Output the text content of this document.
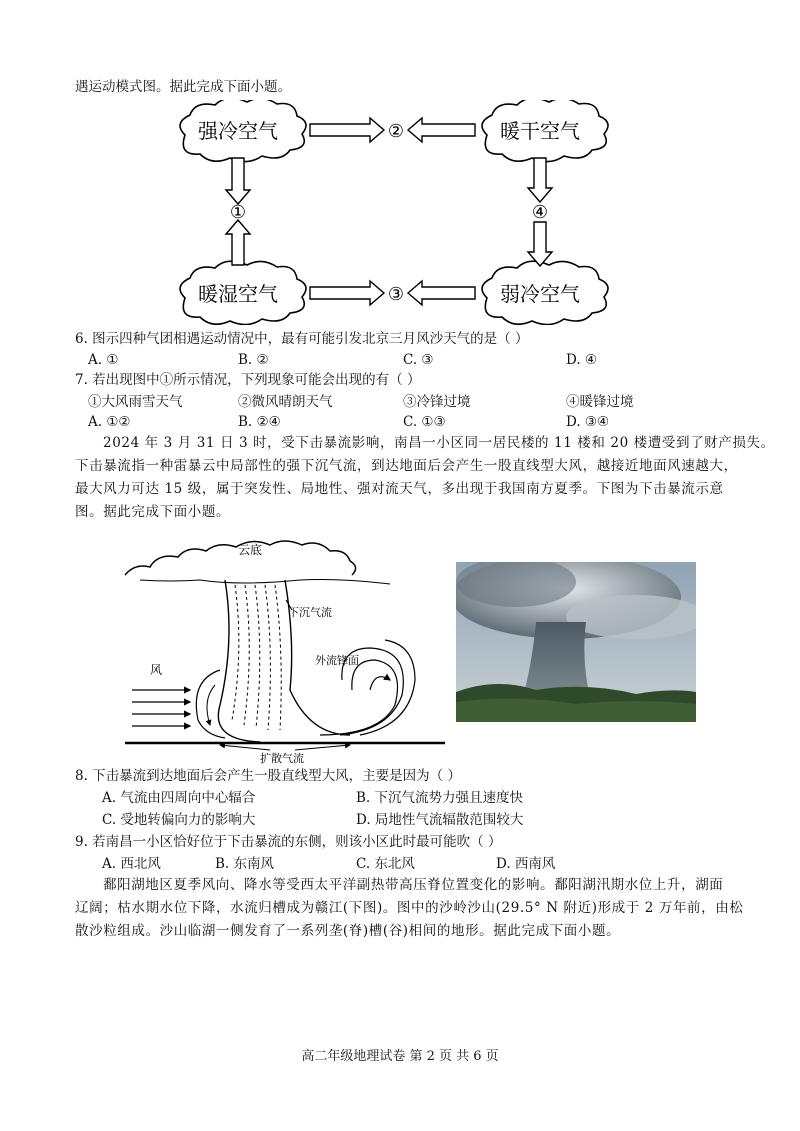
遇运动模式图。据此完成下面小题。
强冷空气	暖干空气
暖湿空气	弱冷空气
②
③
①	④
6. 图示四种气团相遇运动情况中，最有可能引发北京三月风沙天气的是（ ）
A. ①	B. ②	C. ③	D. ④
7. 若出现图中①所示情况，下列现象可能会出现的有（ ）
①大风雨雪天气	②微风晴朗天气	③冷锋过境	④暖锋过境
A. ①②	B. ②④	C. ①③	D. ③④
2024 年 3 月 31 日 3 时，受下击暴流影响，南昌一小区同一居民楼的 11 楼和 20 楼遭受到了财产损失。
下击暴流指一种雷暴云中局部性的强下沉气流，到达地面后会产生一股直线型大风，越接近地面风速越大，
最大风力可达 15 级，属于突发性、局地性、强对流天气，多出现于我国南方夏季。下图为下击暴流示意
图。据此完成下面小题。
云底
下沉气流
风
外流锋面
扩散气流
8. 下击暴流到达地面后会产生一股直线型大风，主要是因为（ ）
A. 气流由四周向中心辐合	B. 下沉气流势力强且速度快
C. 受地转偏向力的影响大	D. 局地性气流辐散范围较大
9. 若南昌一小区恰好位于下击暴流的东侧，则该小区此时最可能吹（ ）
A. 西北风	B. 东南风	C. 东北风	D. 西南风
鄱阳湖地区夏季风向、降水等受西太平洋副热带高压脊位置变化的影响。鄱阳湖汛期水位上升，湖面
辽阔；枯水期水位下降，水流归槽成为赣江(下图)。图中的沙岭沙山(29.5° N 附近)形成于 2 万年前，由松
散沙粒组成。沙山临湖一侧发育了一系列垄(脊)槽(谷)相间的地形。据此完成下面小题。
高二年级地理试卷 第 2 页 共 6 页
